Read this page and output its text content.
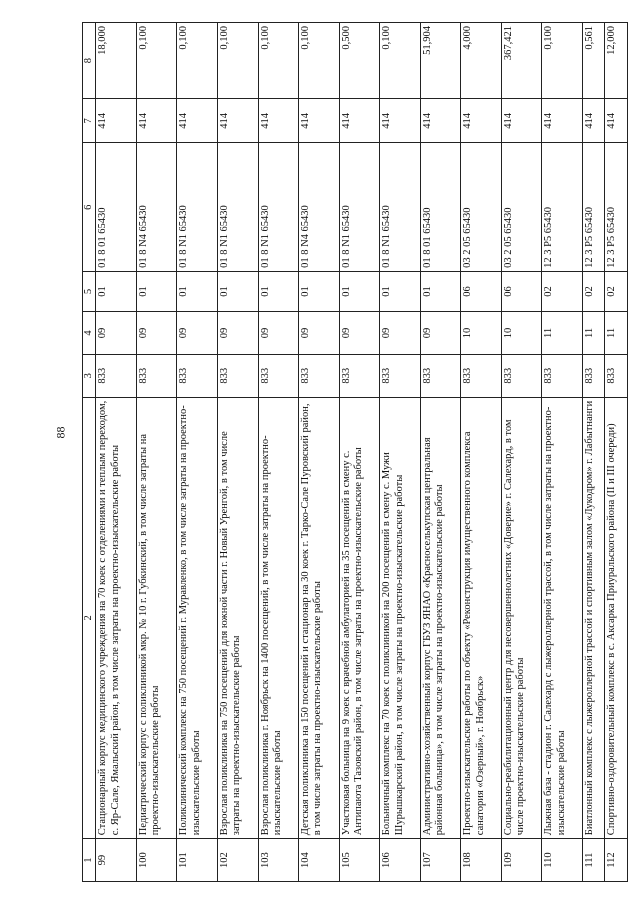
88
1	2	3	4	5	6	7	8
99	Стационарный корпус медицинского учреждения на 70 коек с отделениями и теплым переходом, с. Яр-Сале, Ямальский район, в том числе затраты на проектно-изыскательские работы	833	09	01	01 8 01 65430	414	18,000
100	Педиатрический корпус с поликлиникой мкр. № 10 г. Губкинский, в том числе затраты на проектно-изыскательские работы	833	09	01	01 8 N4 65430	414	0,100
101	Поликлинический комплекс на 750 посещений г. Муравленко, в том числе затраты на проектно-изыскательские работы	833	09	01	01 8 N1 65430	414	0,100
102	Взрослая поликлиника на 750 посещений для южной части г. Новый Уренгой, в том числе затраты на проектно-изыскательские работы	833	09	01	01 8 N1 65430	414	0,100
103	Взрослая поликлиника г. Ноябрьск на 1400 посещений, в том числе затраты на проектно-изыскательские работы	833	09	01	01 8 N1 65430	414	0,100
104	Детская поликлиника на 150 посещений и стационар на 30 коек г. Тарко-Сале Пуровский район, в том числе затраты на проектно-изыскательские работы	833	09	01	01 8 N4 65430	414	0,100
105	Участковая больница на 9 коек с врачебной амбулаторией на 35 посещений в смену с. Антипаюта Тазовский район, в том числе затраты на проектно-изыскательские работы	833	09	01	01 8 N1 65430	414	0,500
106	Больничный комплекс на 70 коек с поликлиникой на 200 посещений в смену с. Мужи Шурышкарский район, в том числе затраты на проектно-изыскательские работы	833	09	01	01 8 N1 65430	414	0,100
107	Административно-хозяйственный корпус ГБУЗ ЯНАО «Красноселькупская центральная районная больница», в том числе затраты на проектно-изыскательские работы	833	09	01	01 8 01 65430	414	51,904
108	Проектно-изыскательские работы по объекту «Реконструкция имущественного комплекса санатория «Озерный», г. Ноябрьск»	833	10	06	03 2 05 65430	414	4,000
109	Социально-реабилитационный центр для несовершеннолетних «Доверие» г. Салехард, в том числе проектно-изыскательские работы	833	10	06	03 2 05 65430	414	367,421
110	Лыжная база - стадион г. Салехард с лыжероллерной трассой, в том числе затраты на проектно-изыскательские работы	833	11	02	12 3 P5 65430	414	0,100
111	Биатлонный комплекс с лыжероллерной трассой и спортивным залом «Лукодром» г. Лабытнанги	833	11	02	12 3 P5 65430	414	0,561
112	Спортивно-оздоровительный комплекс в с. Аксарка Приуральского района (II и III очереди)	833	11	02	12 3 P5 65430	414	12,000
